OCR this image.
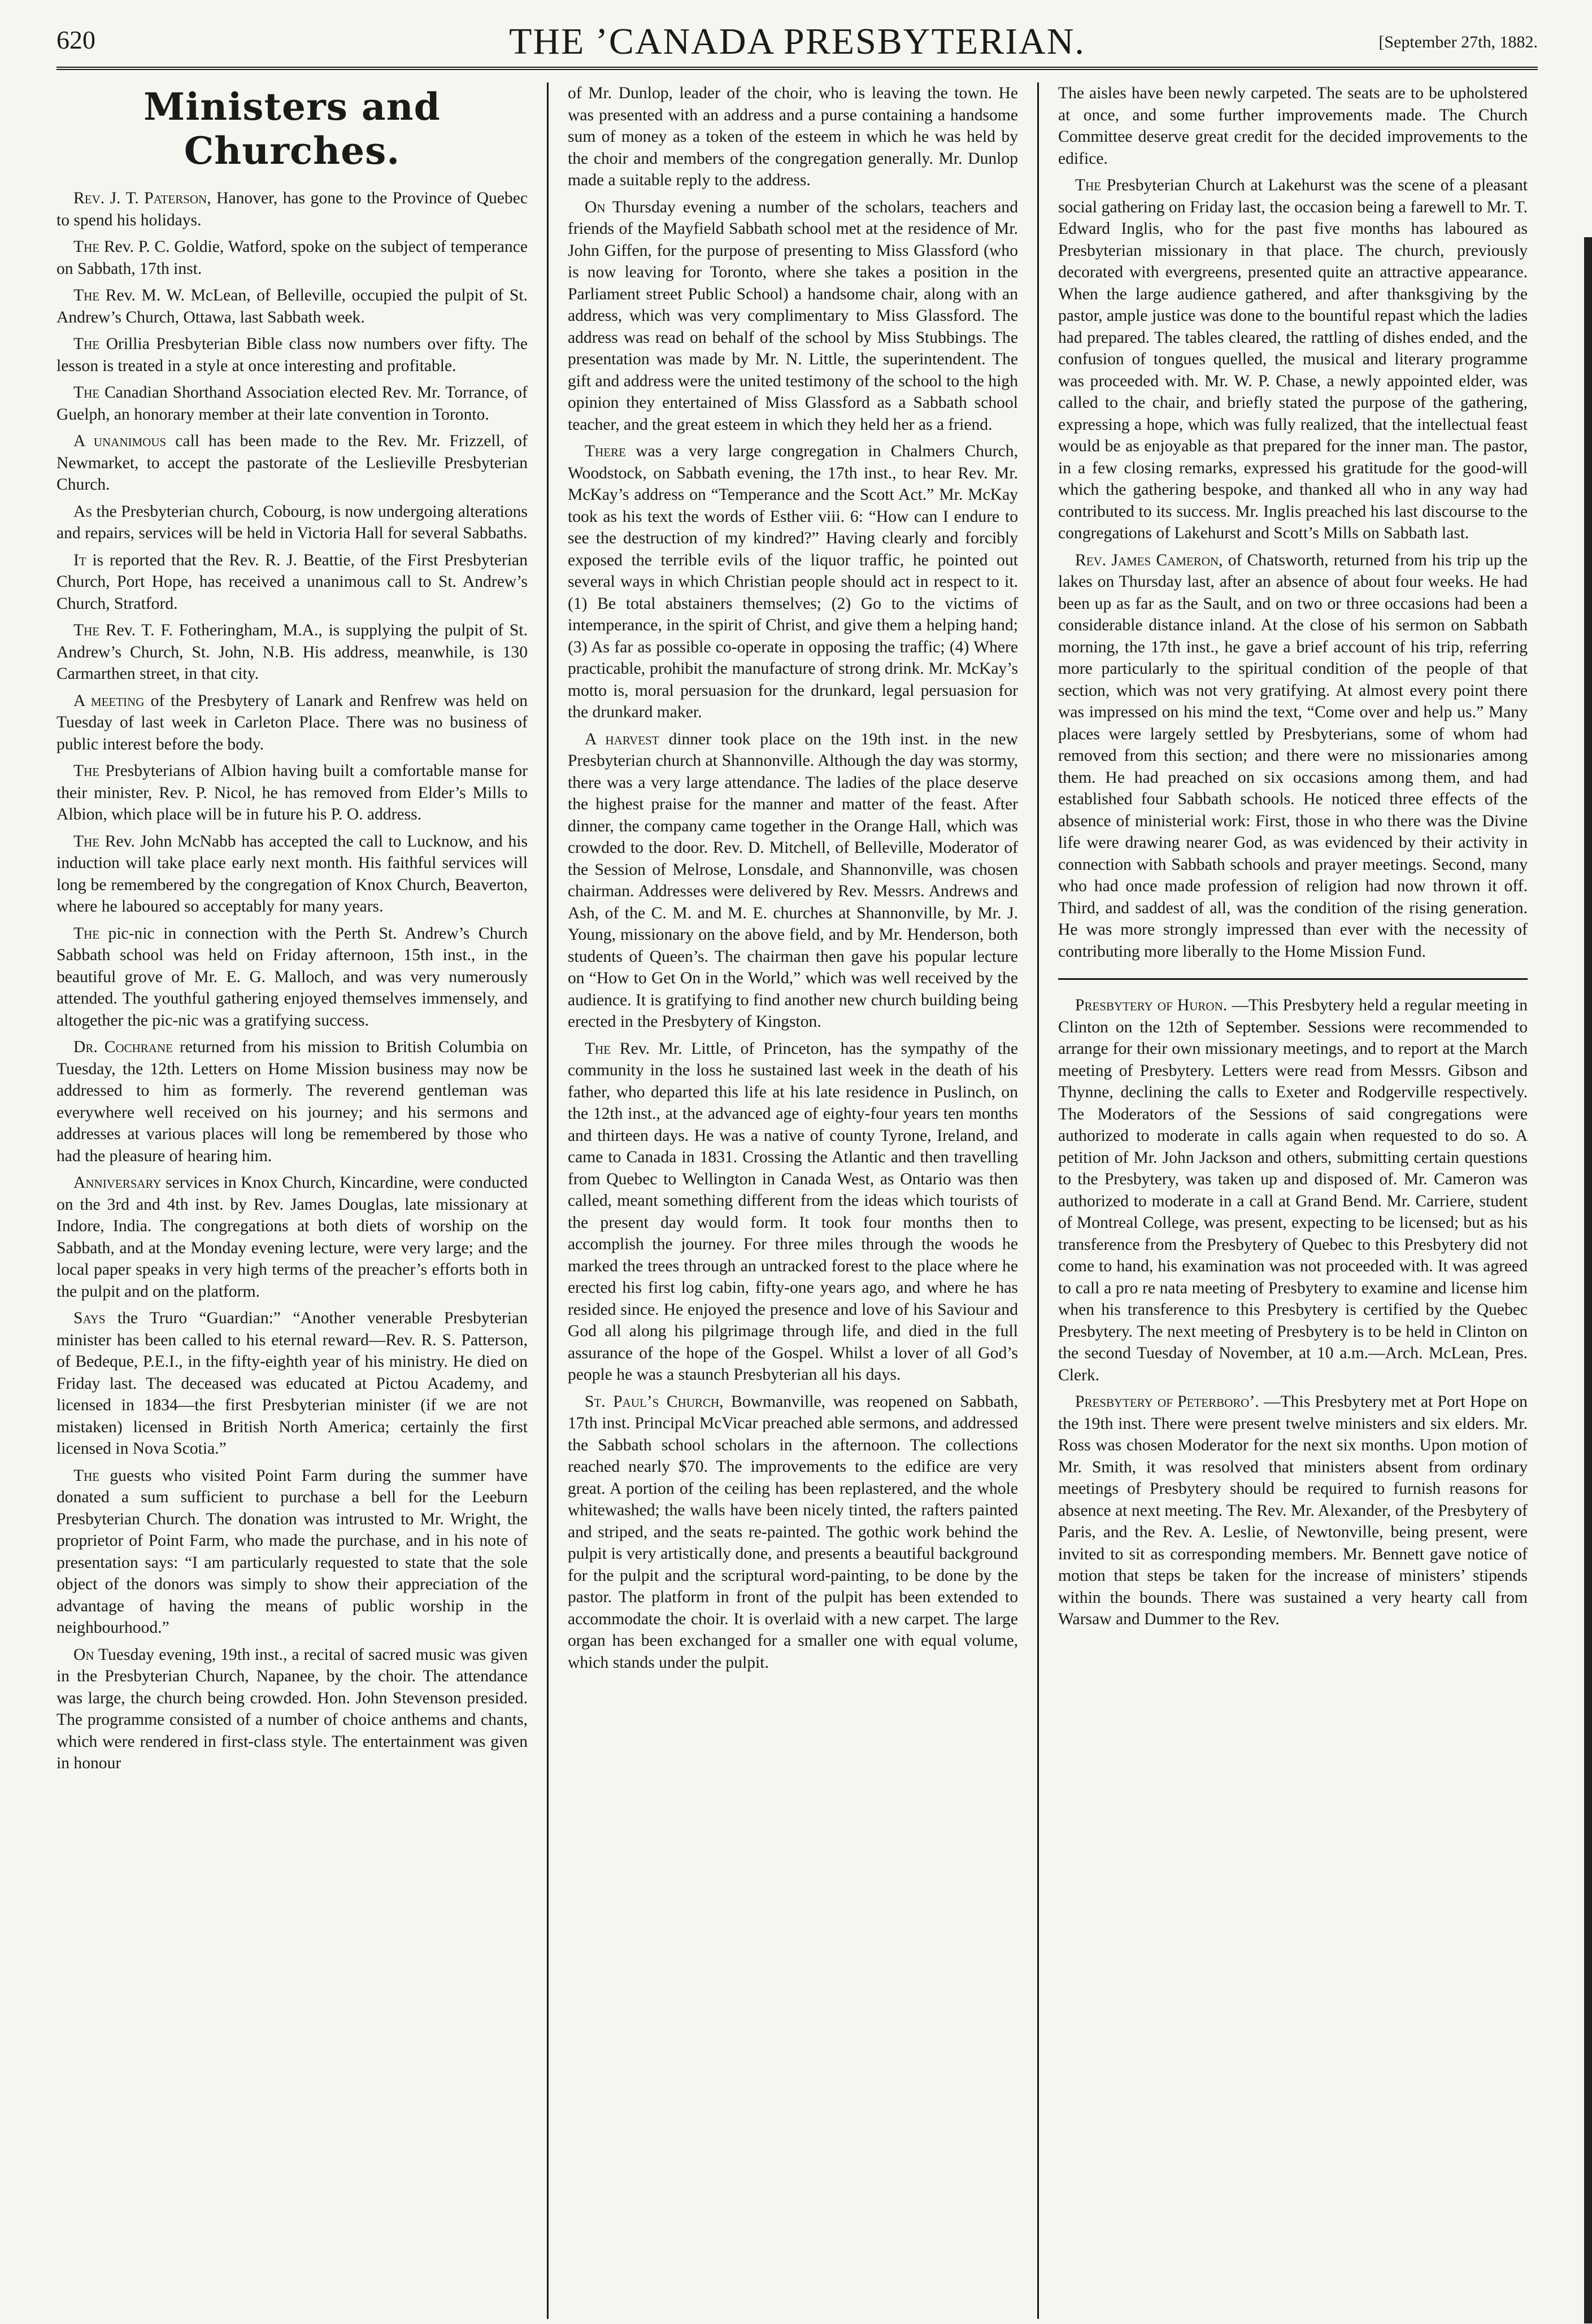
620	THE ’CANADA PRESBYTERIAN.	[September 27th, 1882.
Ministers and Churches.

Rev. J. T. Paterson, Hanover, has gone to the Province of Quebec to spend his holidays.

The Rev. P. C. Goldie, Watford, spoke on the subject of temperance on Sabbath, 17th inst.

The Rev. M. W. McLean, of Belleville, occupied the pulpit of St. Andrew’s Church, Ottawa, last Sabbath week.

The Orillia Presbyterian Bible class now numbers over fifty. The lesson is treated in a style at once interesting and profitable.

The Canadian Shorthand Association elected Rev. Mr. Torrance, of Guelph, an honorary member at their late convention in Toronto.

A unanimous call has been made to the Rev. Mr. Frizzell, of Newmarket, to accept the pastorate of the Leslieville Presbyterian Church.

As the Presbyterian church, Cobourg, is now undergoing alterations and repairs, services will be held in Victoria Hall for several Sabbaths.

It is reported that the Rev. R. J. Beattie, of the First Presbyterian Church, Port Hope, has received a unanimous call to St. Andrew’s Church, Stratford.

The Rev. T. F. Fotheringham, M.A., is supplying the pulpit of St. Andrew’s Church, St. John, N.B. His address, meanwhile, is 130 Carmarthen street, in that city.

A meeting of the Presbytery of Lanark and Renfrew was held on Tuesday of last week in Carleton Place. There was no business of public interest before the body.

The Presbyterians of Albion having built a comfortable manse for their minister, Rev. P. Nicol, he has removed from Elder’s Mills to Albion, which place will be in future his P. O. address.

The Rev. John McNabb has accepted the call to Lucknow, and his induction will take place early next month. His faithful services will long be remembered by the congregation of Knox Church, Beaverton, where he laboured so acceptably for many years.

The pic-nic in connection with the Perth St. Andrew’s Church Sabbath school was held on Friday afternoon, 15th inst., in the beautiful grove of Mr. E. G. Malloch, and was very numerously attended. The youthful gathering enjoyed themselves immensely, and altogether the pic-nic was a gratifying success.

Dr. Cochrane returned from his mission to British Columbia on Tuesday, the 12th. Letters on Home Mission business may now be addressed to him as formerly. The reverend gentleman was everywhere well received on his journey; and his sermons and addresses at various places will long be remembered by those who had the pleasure of hearing him.

Anniversary services in Knox Church, Kincardine, were conducted on the 3rd and 4th inst. by Rev. James Douglas, late missionary at Indore, India. The congregations at both diets of worship on the Sabbath, and at the Monday evening lecture, were very large; and the local paper speaks in very high terms of the preacher’s efforts both in the pulpit and on the platform.

Says the Truro “Guardian:” “Another venerable Presbyterian minister has been called to his eternal reward—Rev. R. S. Patterson, of Bedeque, P.E.I., in the fifty-eighth year of his ministry. He died on Friday last. The deceased was educated at Pictou Academy, and licensed in 1834—the first Presbyterian minister (if we are not mistaken) licensed in British North America; certainly the first licensed in Nova Scotia.”

The guests who visited Point Farm during the summer have donated a sum sufficient to purchase a bell for the Leeburn Presbyterian Church. The donation was intrusted to Mr. Wright, the proprietor of Point Farm, who made the purchase, and in his note of presentation says: “I am particularly requested to state that the sole object of the donors was simply to show their appreciation of the advantage of having the means of public worship in the neighbourhood.”

On Tuesday evening, 19th inst., a recital of sacred music was given in the Presbyterian Church, Napanee, by the choir. The attendance was large, the church being crowded. Hon. John Stevenson presided. The programme consisted of a number of choice anthems and chants, which were rendered in first-class style. The entertainment was given in honour

of Mr. Dunlop, leader of the choir, who is leaving the town. He was presented with an address and a purse containing a handsome sum of money as a token of the esteem in which he was held by the choir and members of the congregation generally. Mr. Dunlop made a suitable reply to the address.

On Thursday evening a number of the scholars, teachers and friends of the Mayfield Sabbath school met at the residence of Mr. John Giffen, for the purpose of presenting to Miss Glassford (who is now leaving for Toronto, where she takes a position in the Parliament street Public School) a handsome chair, along with an address, which was very complimentary to Miss Glassford. The address was read on behalf of the school by Miss Stubbings. The presentation was made by Mr. N. Little, the superintendent. The gift and address were the united testimony of the school to the high opinion they entertained of Miss Glassford as a Sabbath school teacher, and the great esteem in which they held her as a friend.

There was a very large congregation in Chalmers Church, Woodstock, on Sabbath evening, the 17th inst., to hear Rev. Mr. McKay’s address on “Temperance and the Scott Act.” Mr. McKay took as his text the words of Esther viii. 6: “How can I endure to see the destruction of my kindred?” Having clearly and forcibly exposed the terrible evils of the liquor traffic, he pointed out several ways in which Christian people should act in respect to it. (1) Be total abstainers themselves; (2) Go to the victims of intemperance, in the spirit of Christ, and give them a helping hand; (3) As far as possible co-operate in opposing the traffic; (4) Where practicable, prohibit the manufacture of strong drink. Mr. McKay’s motto is, moral persuasion for the drunkard, legal persuasion for the drunkard maker.

A harvest dinner took place on the 19th inst. in the new Presbyterian church at Shannonville. Although the day was stormy, there was a very large attendance. The ladies of the place deserve the highest praise for the manner and matter of the feast. After dinner, the company came together in the Orange Hall, which was crowded to the door. Rev. D. Mitchell, of Belleville, Moderator of the Session of Melrose, Lonsdale, and Shannonville, was chosen chairman. Addresses were delivered by Rev. Messrs. Andrews and Ash, of the C. M. and M. E. churches at Shannonville, by Mr. J. Young, missionary on the above field, and by Mr. Henderson, both students of Queen’s. The chairman then gave his popular lecture on “How to Get On in the World,” which was well received by the audience. It is gratifying to find another new church building being erected in the Presbytery of Kingston.

The Rev. Mr. Little, of Princeton, has the sympathy of the community in the loss he sustained last week in the death of his father, who departed this life at his late residence in Puslinch, on the 12th inst., at the advanced age of eighty-four years ten months and thirteen days. He was a native of county Tyrone, Ireland, and came to Canada in 1831. Crossing the Atlantic and then travelling from Quebec to Wellington in Canada West, as Ontario was then called, meant something different from the ideas which tourists of the present day would form. It took four months then to accomplish the journey. For three miles through the woods he marked the trees through an untracked forest to the place where he erected his first log cabin, fifty-one years ago, and where he has resided since. He enjoyed the presence and love of his Saviour and God all along his pilgrimage through life, and died in the full assurance of the hope of the Gospel. Whilst a lover of all God’s people he was a staunch Presbyterian all his days.

St. Paul’s Church, Bowmanville, was reopened on Sabbath, 17th inst. Principal McVicar preached able sermons, and addressed the Sabbath school scholars in the afternoon. The collections reached nearly $70. The improvements to the edifice are very great. A portion of the ceiling has been replastered, and the whole whitewashed; the walls have been nicely tinted, the rafters painted and striped, and the seats re-painted. The gothic work behind the pulpit is very artistically done, and presents a beautiful background for the pulpit and the scriptural word-painting, to be done by the pastor. The platform in front of the pulpit has been extended to accommodate the choir. It is overlaid with a new carpet. The large organ has been exchanged for a smaller one with equal volume, which stands under the pulpit.

The aisles have been newly carpeted. The seats are to be upholstered at once, and some further improvements made. The Church Committee deserve great credit for the decided improvements to the edifice.

The Presbyterian Church at Lakehurst was the scene of a pleasant social gathering on Friday last, the occasion being a farewell to Mr. T. Edward Inglis, who for the past five months has laboured as Presbyterian missionary in that place. The church, previously decorated with evergreens, presented quite an attractive appearance. When the large audience gathered, and after thanksgiving by the pastor, ample justice was done to the bountiful repast which the ladies had prepared. The tables cleared, the rattling of dishes ended, and the confusion of tongues quelled, the musical and literary programme was proceeded with. Mr. W. P. Chase, a newly appointed elder, was called to the chair, and briefly stated the purpose of the gathering, expressing a hope, which was fully realized, that the intellectual feast would be as enjoyable as that prepared for the inner man. The pastor, in a few closing remarks, expressed his gratitude for the good-will which the gathering bespoke, and thanked all who in any way had contributed to its success. Mr. Inglis preached his last discourse to the congregations of Lakehurst and Scott’s Mills on Sabbath last.

Rev. James Cameron, of Chatsworth, returned from his trip up the lakes on Thursday last, after an absence of about four weeks. He had been up as far as the Sault, and on two or three occasions had been a considerable distance inland. At the close of his sermon on Sabbath morning, the 17th inst., he gave a brief account of his trip, referring more particularly to the spiritual condition of the people of that section, which was not very gratifying. At almost every point there was impressed on his mind the text, “Come over and help us.” Many places were largely settled by Presbyterians, some of whom had removed from this section; and there were no missionaries among them. He had preached on six occasions among them, and had established four Sabbath schools. He noticed three effects of the absence of ministerial work: First, those in who there was the Divine life were drawing nearer God, as was evidenced by their activity in connection with Sabbath schools and prayer meetings. Second, many who had once made profession of religion had now thrown it off. Third, and saddest of all, was the condition of the rising generation. He was more strongly impressed than ever with the necessity of contributing more liberally to the Home Mission Fund.

Presbytery of Huron. —This Presbytery held a regular meeting in Clinton on the 12th of September. Sessions were recommended to arrange for their own missionary meetings, and to report at the March meeting of Presbytery. Letters were read from Messrs. Gibson and Thynne, declining the calls to Exeter and Rodgerville respectively. The Moderators of the Sessions of said congregations were authorized to moderate in calls again when requested to do so. A petition of Mr. John Jackson and others, submitting certain questions to the Presbytery, was taken up and disposed of. Mr. Cameron was authorized to moderate in a call at Grand Bend. Mr. Carriere, student of Montreal College, was present, expecting to be licensed; but as his transference from the Presbytery of Quebec to this Presbytery did not come to hand, his examination was not proceeded with. It was agreed to call a pro re nata meeting of Presbytery to examine and license him when his transference to this Presbytery is certified by the Quebec Presbytery. The next meeting of Presbytery is to be held in Clinton on the second Tuesday of November, at 10 a.m.—Arch. McLean, Pres. Clerk.

Presbytery of Peterboro’. —This Presbytery met at Port Hope on the 19th inst. There were present twelve ministers and six elders. Mr. Ross was chosen Moderator for the next six months. Upon motion of Mr. Smith, it was resolved that ministers absent from ordinary meetings of Presbytery should be required to furnish reasons for absence at next meeting. The Rev. Mr. Alexander, of the Presbytery of Paris, and the Rev. A. Leslie, of Newtonville, being present, were invited to sit as corresponding members. Mr. Bennett gave notice of motion that steps be taken for the increase of ministers’ stipends within the bounds. There was sustained a very hearty call from Warsaw and Dummer to the Rev.
